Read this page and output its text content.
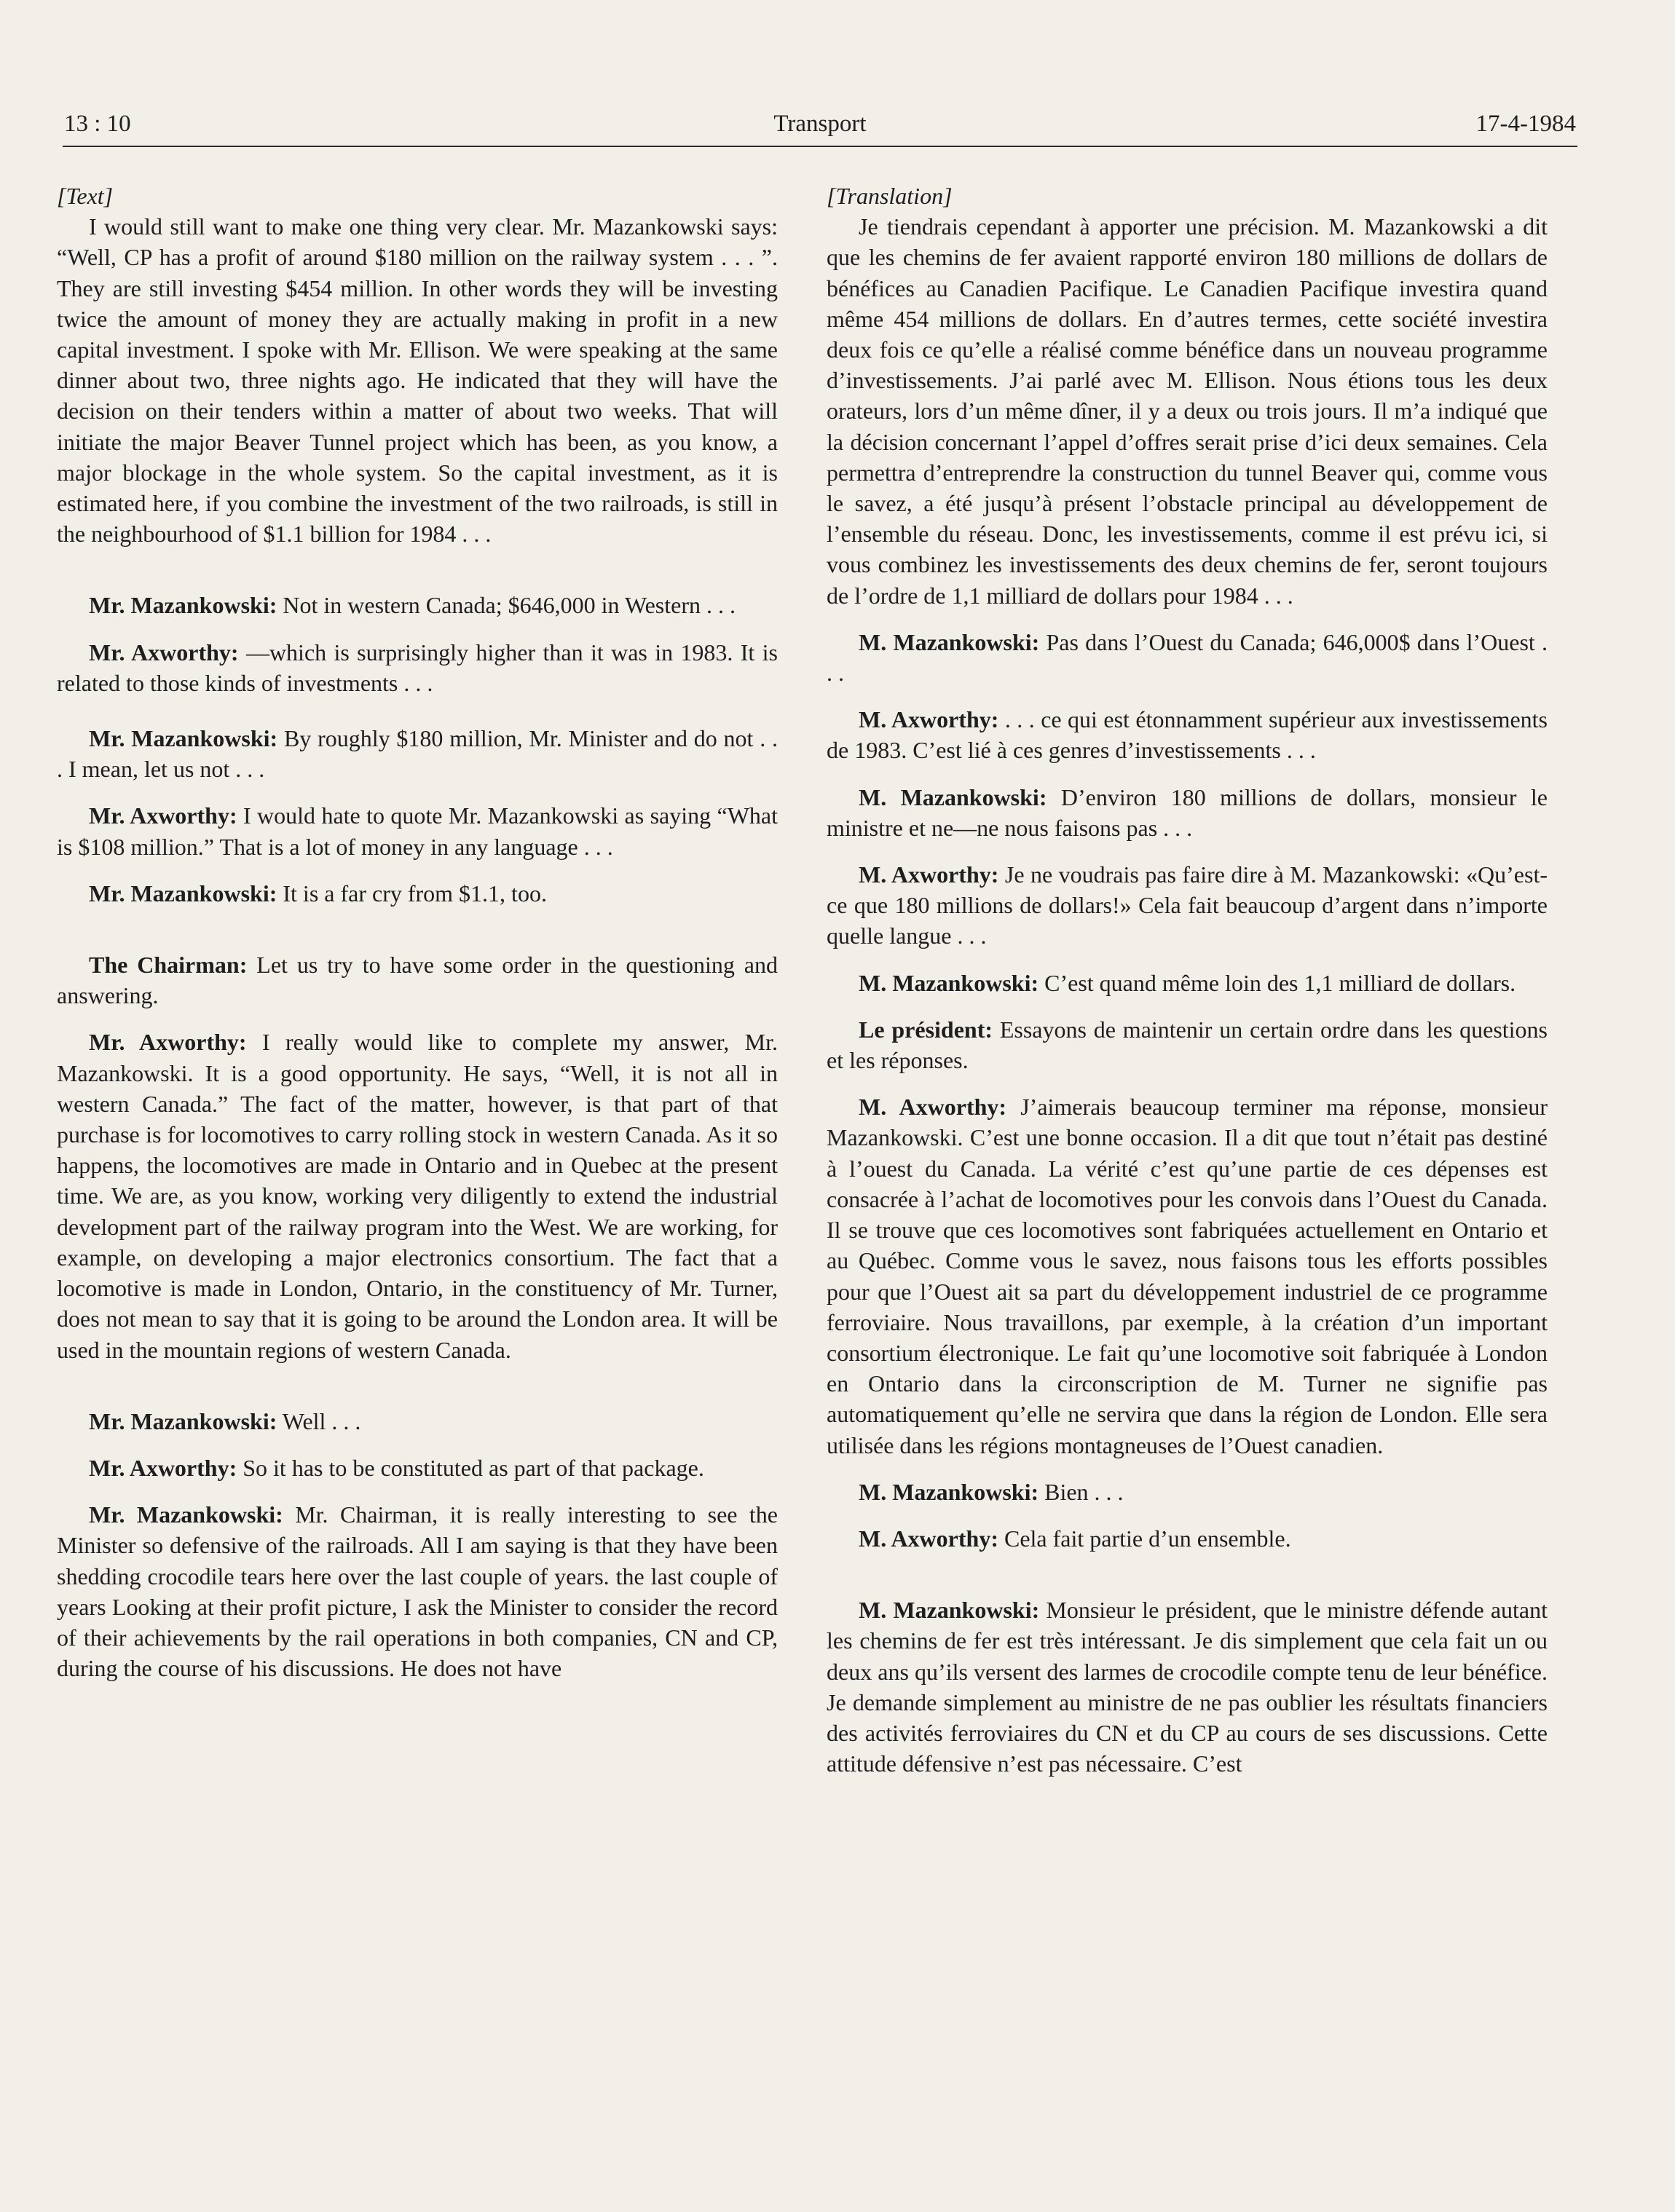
13 : 10	Transport	17-4-1984

[Text]

I would still want to make one thing very clear. Mr. Mazankowski says: “Well, CP has a profit of around $180 million on the railway system . . . ”. They are still investing $454 million. In other words they will be investing twice the amount of money they are actually making in profit in a new capital investment. I spoke with Mr. Ellison. We were speaking at the same dinner about two, three nights ago. He indicated that they will have the decision on their tenders within a matter of about two weeks. That will initiate the major Beaver Tunnel project which has been, as you know, a major blockage in the whole system. So the capital investment, as it is estimated here, if you combine the investment of the two railroads, is still in the neighbourhood of $1.1 billion for 1984 . . .

Mr. Mazankowski: Not in western Canada; $646,000 in Western . . .

Mr. Axworthy: —which is surprisingly higher than it was in 1983. It is related to those kinds of investments . . .

Mr. Mazankowski: By roughly $180 million, Mr. Minister and do not . . . I mean, let us not . . .

Mr. Axworthy: I would hate to quote Mr. Mazankowski as saying “What is $108 million.” That is a lot of money in any language . . .

Mr. Mazankowski: It is a far cry from $1.1, too.

The Chairman: Let us try to have some order in the questioning and answering.

Mr. Axworthy: I really would like to complete my answer, Mr. Mazankowski. It is a good opportunity. He says, “Well, it is not all in western Canada.” The fact of the matter, however, is that part of that purchase is for locomotives to carry rolling stock in western Canada. As it so happens, the locomotives are made in Ontario and in Quebec at the present time. We are, as you know, working very diligently to extend the industrial development part of the railway program into the West. We are working, for example, on developing a major electronics consortium. The fact that a locomotive is made in London, Ontario, in the constituency of Mr. Turner, does not mean to say that it is going to be around the London area. It will be used in the mountain regions of western Canada.

Mr. Mazankowski: Well . . .

Mr. Axworthy: So it has to be constituted as part of that package.

Mr. Mazankowski: Mr. Chairman, it is really interesting to see the Minister so defensive of the railroads. All I am saying is that they have been shedding crocodile tears here over the last couple of years. the last couple of years Looking at their profit picture, I ask the Minister to consider the record of their achievements by the rail operations in both companies, CN and CP, during the course of his discussions. He does not have

[Translation]

Je tiendrais cependant à apporter une précision. M. Mazankowski a dit que les chemins de fer avaient rapporté environ 180 millions de dollars de bénéfices au Canadien Pacifique. Le Canadien Pacifique investira quand même 454 millions de dollars. En d’autres termes, cette société investira deux fois ce qu’elle a réalisé comme bénéfice dans un nouveau programme d’investissements. J’ai parlé avec M. Ellison. Nous étions tous les deux orateurs, lors d’un même dîner, il y a deux ou trois jours. Il m’a indiqué que la décision concernant l’appel d’offres serait prise d’ici deux semaines. Cela permettra d’entreprendre la construction du tunnel Beaver qui, comme vous le savez, a été jusqu’à présent l’obstacle principal au développement de l’ensemble du réseau. Donc, les investissements, comme il est prévu ici, si vous combinez les investissements des deux chemins de fer, seront toujours de l’ordre de 1,1 milliard de dollars pour 1984 . . .

M. Mazankowski: Pas dans l’Ouest du Canada; 646,000$ dans l’Ouest . . .

M. Axworthy: . . . ce qui est étonnamment supérieur aux investissements de 1983. C’est lié à ces genres d’investissements . . .

M. Mazankowski: D’environ 180 millions de dollars, monsieur le ministre et ne—ne nous faisons pas . . .

M. Axworthy: Je ne voudrais pas faire dire à M. Mazankowski: «Qu’est-ce que 180 millions de dollars!» Cela fait beaucoup d’argent dans n’importe quelle langue . . .

M. Mazankowski: C’est quand même loin des 1,1 milliard de dollars.

Le président: Essayons de maintenir un certain ordre dans les questions et les réponses.

M. Axworthy: J’aimerais beaucoup terminer ma réponse, monsieur Mazankowski. C’est une bonne occasion. Il a dit que tout n’était pas destiné à l’ouest du Canada. La vérité c’est qu’une partie de ces dépenses est consacrée à l’achat de locomotives pour les convois dans l’Ouest du Canada. Il se trouve que ces locomotives sont fabriquées actuellement en Ontario et au Québec. Comme vous le savez, nous faisons tous les efforts possibles pour que l’Ouest ait sa part du développement industriel de ce programme ferroviaire. Nous travaillons, par exemple, à la création d’un important consortium électronique. Le fait qu’une locomotive soit fabriquée à London en Ontario dans la circonscription de M. Turner ne signifie pas automatiquement qu’elle ne servira que dans la région de London. Elle sera utilisée dans les régions montagneuses de l’Ouest canadien.

M. Mazankowski: Bien . . .

M. Axworthy: Cela fait partie d’un ensemble.

M. Mazankowski: Monsieur le président, que le ministre défende autant les chemins de fer est très intéressant. Je dis simplement que cela fait un ou deux ans qu’ils versent des larmes de crocodile compte tenu de leur bénéfice. Je demande simplement au ministre de ne pas oublier les résultats financiers des activités ferroviaires du CN et du CP au cours de ses discussions. Cette attitude défensive n’est pas nécessaire. C’est
